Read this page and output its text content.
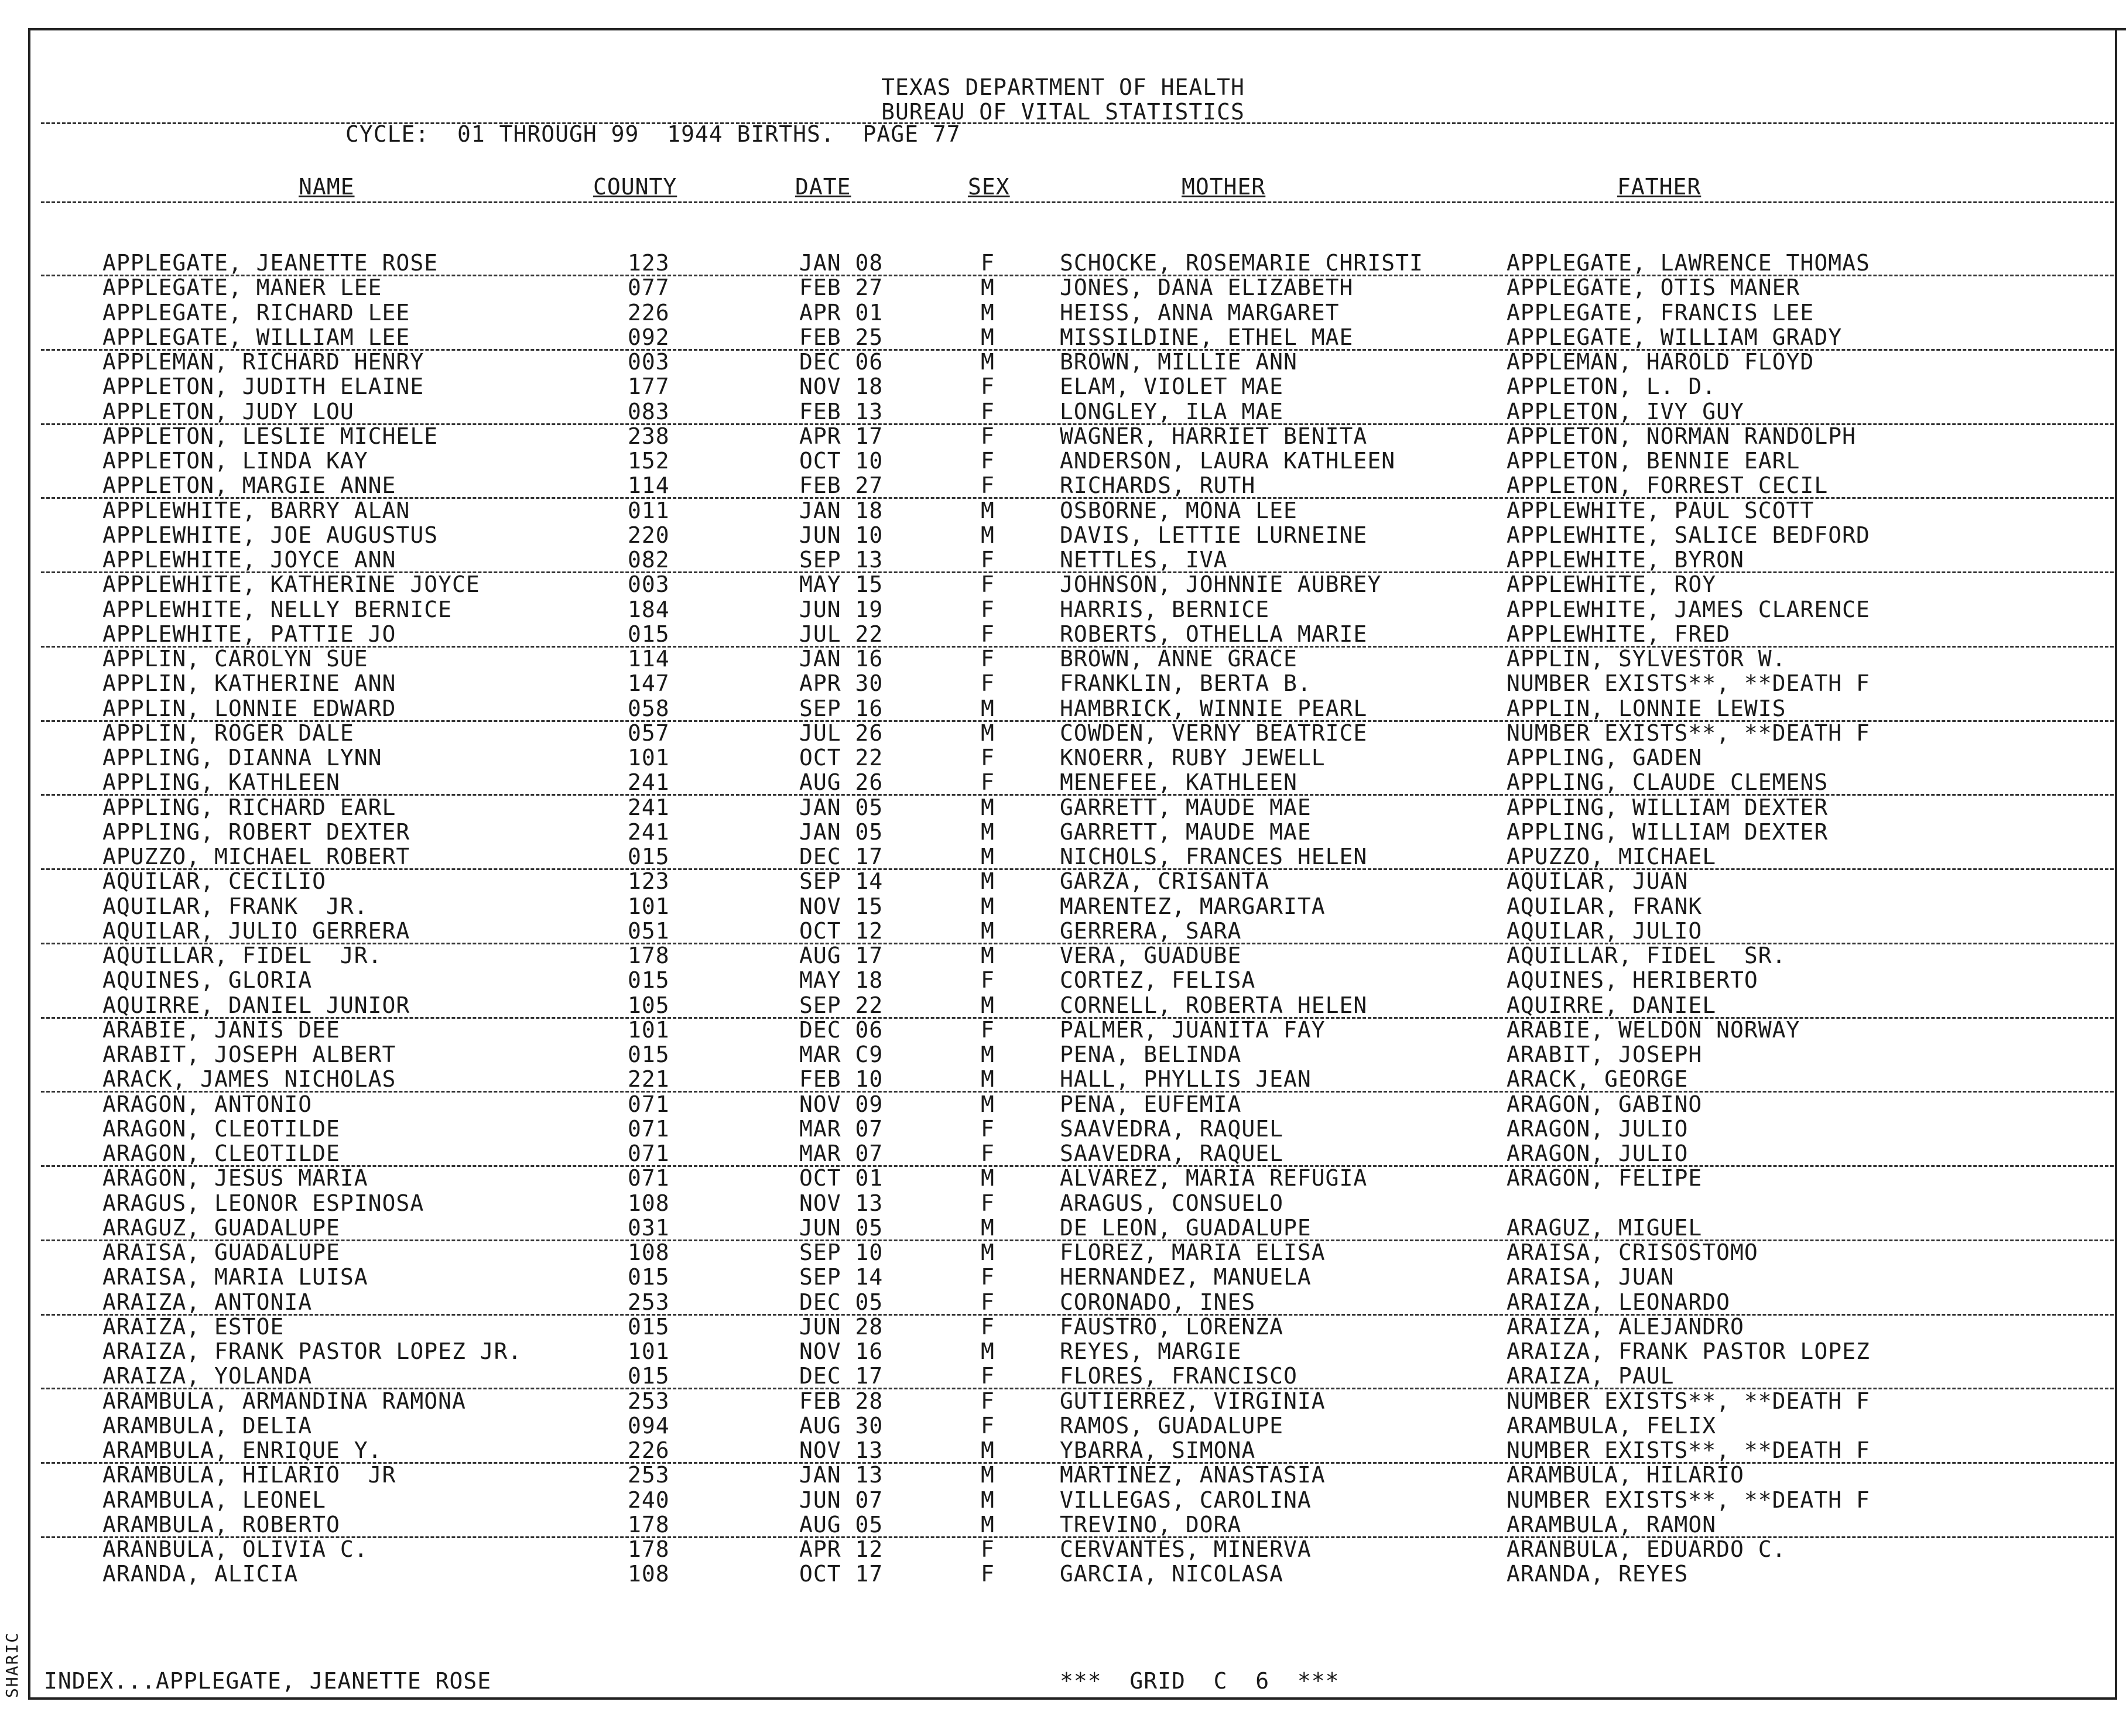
TEXAS DEPARTMENT OF HEALTH
BUREAU OF VITAL STATISTICS
CYCLE:  01 THROUGH 99  1944 BIRTHS.  PAGE 77
NAME	COUNTY	DATE	SEX	MOTHER	FATHER
APPLEGATE, JEANETTE ROSE	123	JAN 08	F	SCHOCKE, ROSEMARIE CHRISTI	APPLEGATE, LAWRENCE THOMAS
APPLEGATE, MANER LEE	077	FEB 27	M	JONES, DANA ELIZABETH	APPLEGATE, OTIS MANER
APPLEGATE, RICHARD LEE	226	APR 01	M	HEISS, ANNA MARGARET	APPLEGATE, FRANCIS LEE
APPLEGATE, WILLIAM LEE	092	FEB 25	M	MISSILDINE, ETHEL MAE	APPLEGATE, WILLIAM GRADY
APPLEMAN, RICHARD HENRY	003	DEC 06	M	BROWN, MILLIE ANN	APPLEMAN, HAROLD FLOYD
APPLETON, JUDITH ELAINE	177	NOV 18	F	ELAM, VIOLET MAE	APPLETON, L. D.
APPLETON, JUDY LOU	083	FEB 13	F	LONGLEY, ILA MAE	APPLETON, IVY GUY
APPLETON, LESLIE MICHELE	238	APR 17	F	WAGNER, HARRIET BENITA	APPLETON, NORMAN RANDOLPH
APPLETON, LINDA KAY	152	OCT 10	F	ANDERSON, LAURA KATHLEEN	APPLETON, BENNIE EARL
APPLETON, MARGIE ANNE	114	FEB 27	F	RICHARDS, RUTH	APPLETON, FORREST CECIL
APPLEWHITE, BARRY ALAN	011	JAN 18	M	OSBORNE, MONA LEE	APPLEWHITE, PAUL SCOTT
APPLEWHITE, JOE AUGUSTUS	220	JUN 10	M	DAVIS, LETTIE LURNEINE	APPLEWHITE, SALICE BEDFORD
APPLEWHITE, JOYCE ANN	082	SEP 13	F	NETTLES, IVA	APPLEWHITE, BYRON
APPLEWHITE, KATHERINE JOYCE	003	MAY 15	F	JOHNSON, JOHNNIE AUBREY	APPLEWHITE, ROY
APPLEWHITE, NELLY BERNICE	184	JUN 19	F	HARRIS, BERNICE	APPLEWHITE, JAMES CLARENCE
APPLEWHITE, PATTIE JO	015	JUL 22	F	ROBERTS, OTHELLA MARIE	APPLEWHITE, FRED
APPLIN, CAROLYN SUE	114	JAN 16	F	BROWN, ANNE GRACE	APPLIN, SYLVESTOR W.
APPLIN, KATHERINE ANN	147	APR 30	F	FRANKLIN, BERTA B.	NUMBER EXISTS**, **DEATH F
APPLIN, LONNIE EDWARD	058	SEP 16	M	HAMBRICK, WINNIE PEARL	APPLIN, LONNIE LEWIS
APPLIN, ROGER DALE	057	JUL 26	M	COWDEN, VERNY BEATRICE	NUMBER EXISTS**, **DEATH F
APPLING, DIANNA LYNN	101	OCT 22	F	KNOERR, RUBY JEWELL	APPLING, GADEN
APPLING, KATHLEEN	241	AUG 26	F	MENEFEE, KATHLEEN	APPLING, CLAUDE CLEMENS
APPLING, RICHARD EARL	241	JAN 05	M	GARRETT, MAUDE MAE	APPLING, WILLIAM DEXTER
APPLING, ROBERT DEXTER	241	JAN 05	M	GARRETT, MAUDE MAE	APPLING, WILLIAM DEXTER
APUZZO, MICHAEL ROBERT	015	DEC 17	M	NICHOLS, FRANCES HELEN	APUZZO, MICHAEL
AQUILAR, CECILIO	123	SEP 14	M	GARZA, CRISANTA	AQUILAR, JUAN
AQUILAR, FRANK  JR.	101	NOV 15	M	MARENTEZ, MARGARITA	AQUILAR, FRANK
AQUILAR, JULIO GERRERA	051	OCT 12	M	GERRERA, SARA	AQUILAR, JULIO
AQUILLAR, FIDEL  JR.	178	AUG 17	M	VERA, GUADUBE	AQUILLAR, FIDEL  SR.
AQUINES, GLORIA	015	MAY 18	F	CORTEZ, FELISA	AQUINES, HERIBERTO
AQUIRRE, DANIEL JUNIOR	105	SEP 22	M	CORNELL, ROBERTA HELEN	AQUIRRE, DANIEL
ARABIE, JANIS DEE	101	DEC 06	F	PALMER, JUANITA FAY	ARABIE, WELDON NORWAY
ARABIT, JOSEPH ALBERT	015	MAR C9	M	PENA, BELINDA	ARABIT, JOSEPH
ARACK, JAMES NICHOLAS	221	FEB 10	M	HALL, PHYLLIS JEAN	ARACK, GEORGE
ARAGON, ANTONIO	071	NOV 09	M	PENA, EUFEMIA	ARAGON, GABINO
ARAGON, CLEOTILDE	071	MAR 07	F	SAAVEDRA, RAQUEL	ARAGON, JULIO
ARAGON, CLEOTILDE	071	MAR 07	F	SAAVEDRA, RAQUEL	ARAGON, JULIO
ARAGON, JESUS MARIA	071	OCT 01	M	ALVAREZ, MARIA REFUGIA	ARAGON, FELIPE
ARAGUS, LEONOR ESPINOSA	108	NOV 13	F	ARAGUS, CONSUELO
ARAGUZ, GUADALUPE	031	JUN 05	M	DE LEON, GUADALUPE	ARAGUZ, MIGUEL
ARAISA, GUADALUPE	108	SEP 10	M	FLOREZ, MARIA ELISA	ARAISA, CRISOSTOMO
ARAISA, MARIA LUISA	015	SEP 14	F	HERNANDEZ, MANUELA	ARAISA, JUAN
ARAIZA, ANTONIA	253	DEC 05	F	CORONADO, INES	ARAIZA, LEONARDO
ARAIZA, ESTOE	015	JUN 28	F	FAUSTRO, LORENZA	ARAIZA, ALEJANDRO
ARAIZA, FRANK PASTOR LOPEZ JR.	101	NOV 16	M	REYES, MARGIE	ARAIZA, FRANK PASTOR LOPEZ
ARAIZA, YOLANDA	015	DEC 17	F	FLORES, FRANCISCO	ARAIZA, PAUL
ARAMBULA, ARMANDINA RAMONA	253	FEB 28	F	GUTIERREZ, VIRGINIA	NUMBER EXISTS**, **DEATH F
ARAMBULA, DELIA	094	AUG 30	F	RAMOS, GUADALUPE	ARAMBULA, FELIX
ARAMBULA, ENRIQUE Y.	226	NOV 13	M	YBARRA, SIMONA	NUMBER EXISTS**, **DEATH F
ARAMBULA, HILARIO  JR	253	JAN 13	M	MARTINEZ, ANASTASIA	ARAMBULA, HILARIO
ARAMBULA, LEONEL	240	JUN 07	M	VILLEGAS, CAROLINA	NUMBER EXISTS**, **DEATH F
ARAMBULA, ROBERTO	178	AUG 05	M	TREVINO, DORA	ARAMBULA, RAMON
ARANBULA, OLIVIA C.	178	APR 12	F	CERVANTES, MINERVA	ARANBULA, EDUARDO C.
ARANDA, ALICIA	108	OCT 17	F	GARCIA, NICOLASA	ARANDA, REYES
INDEX...APPLEGATE, JEANETTE ROSE	***  GRID  C  6  ***
SHARIC
